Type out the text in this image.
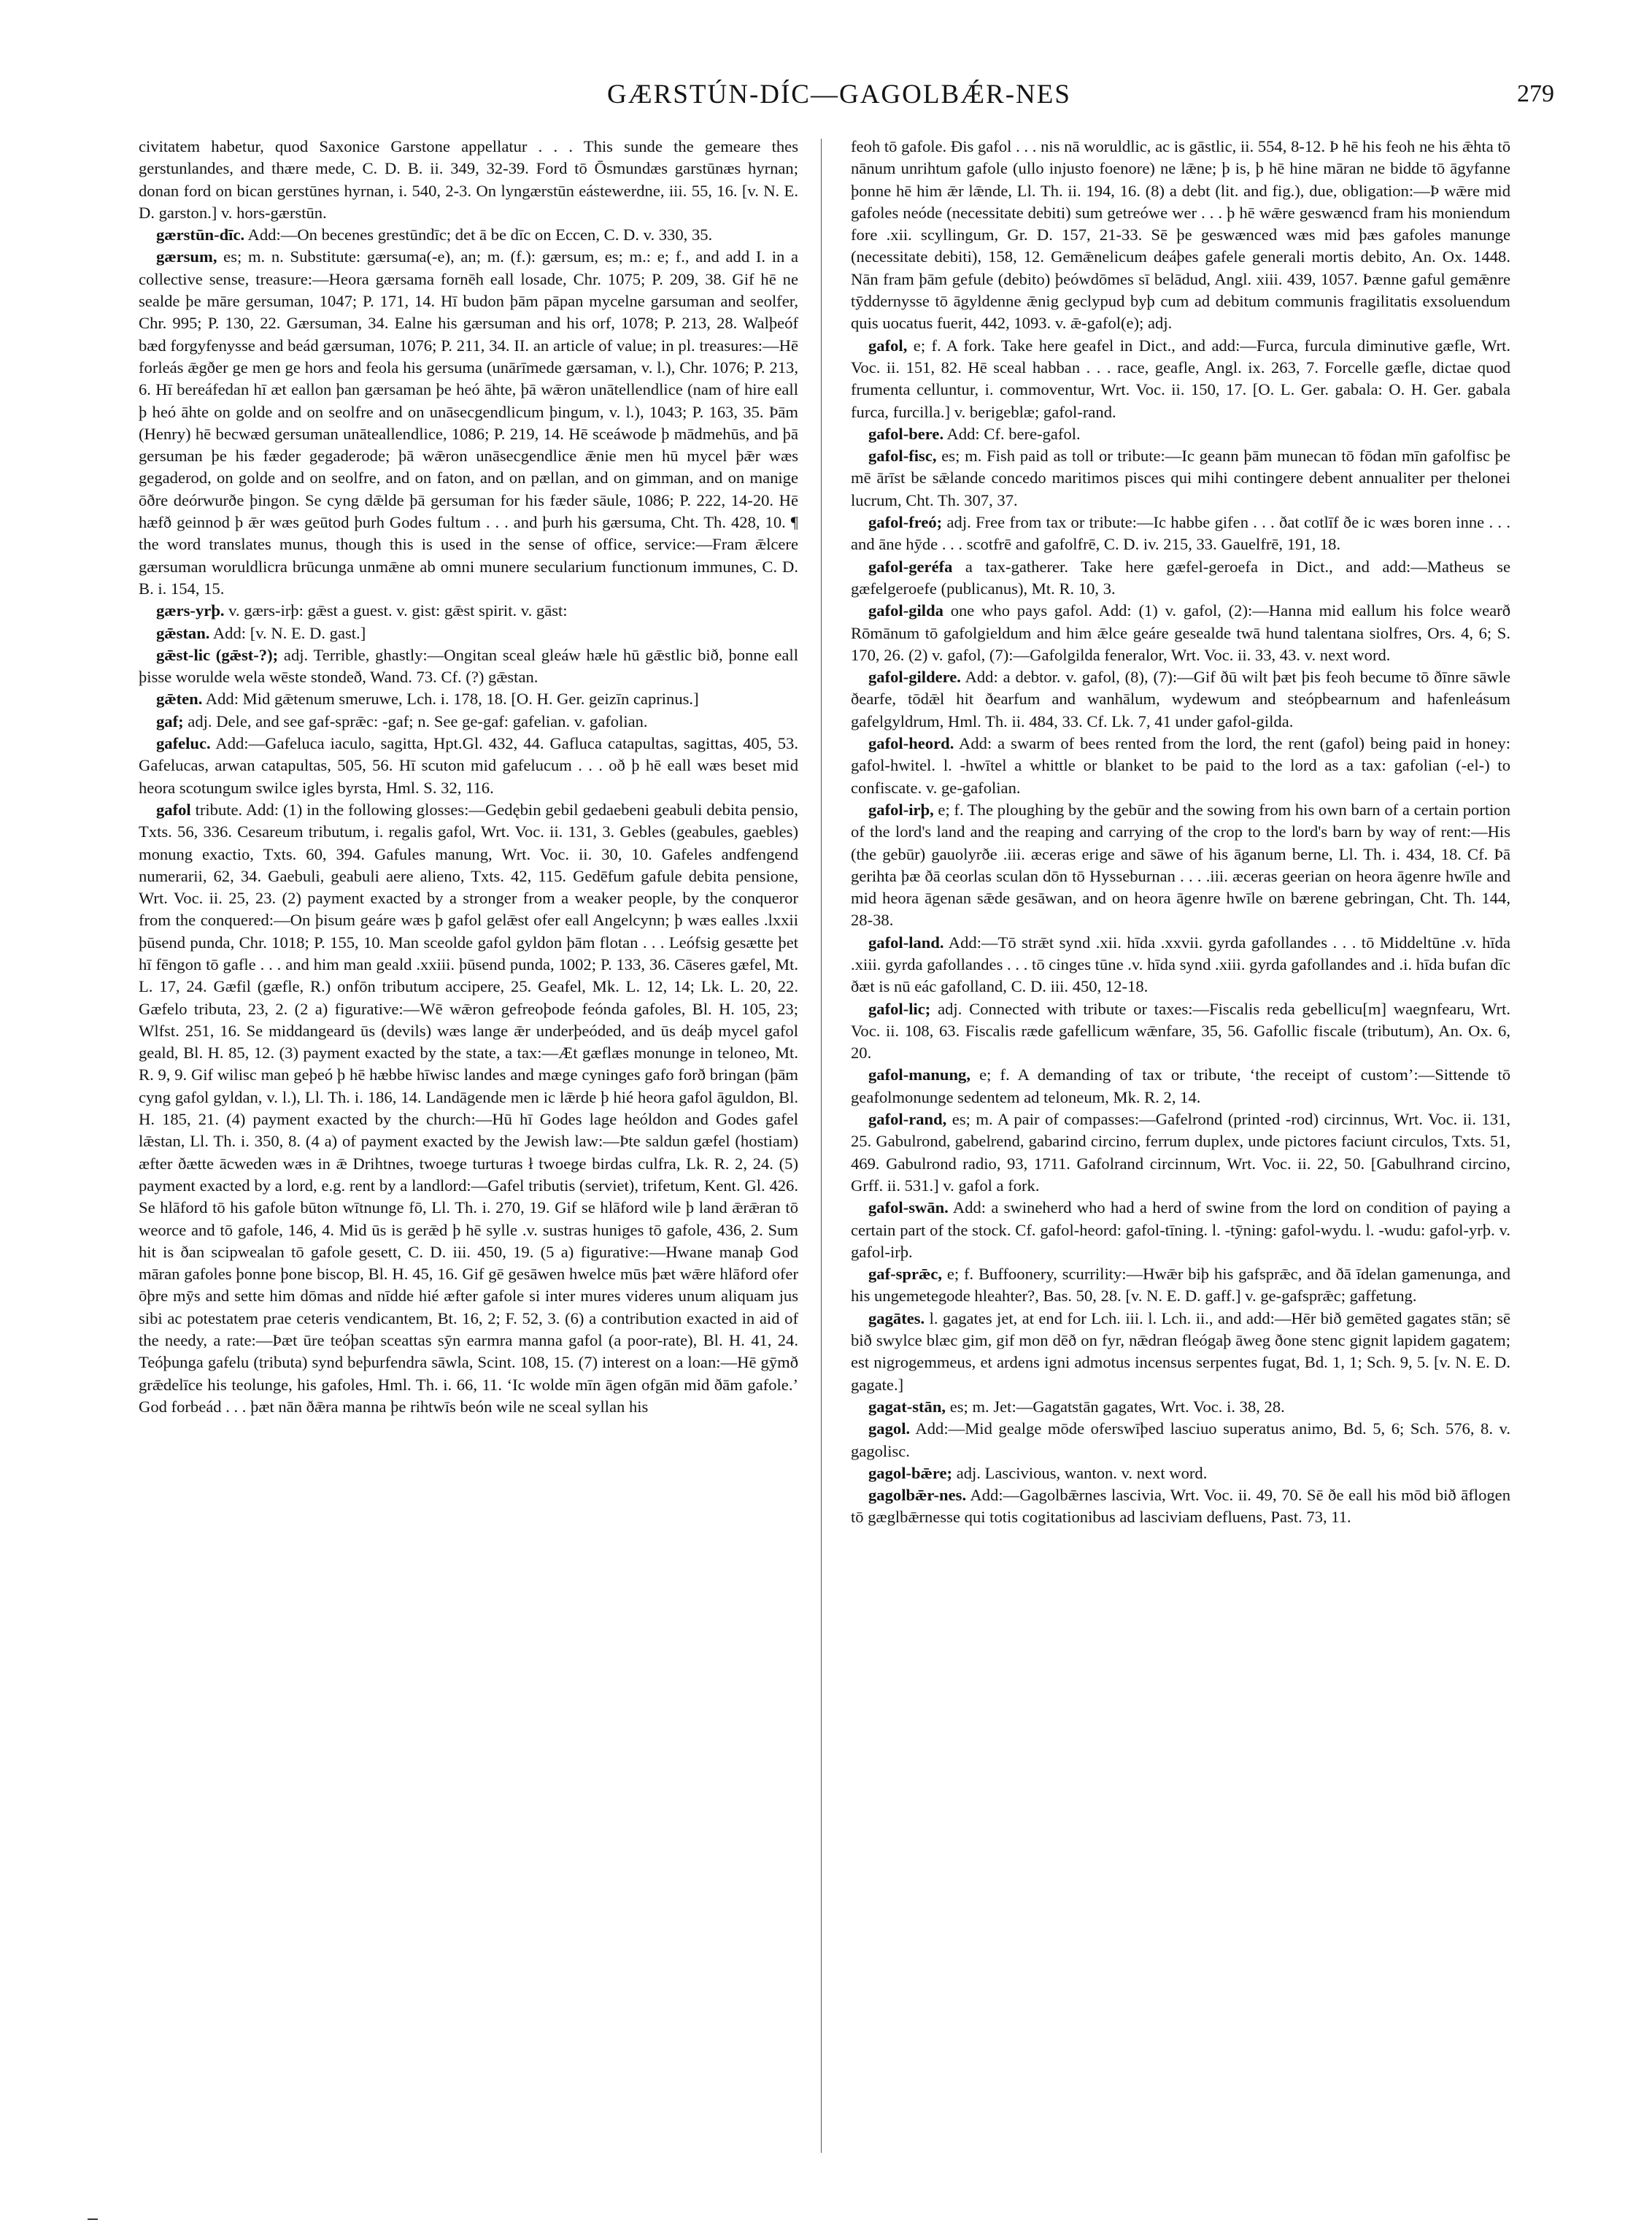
GÆRSTÚN-DÍC—GAGOLBǼR-NES	279

civitatem habetur, quod Saxonice Garstone appellatur . . . This sunde the gemeare thes gerstunlandes, and thære mede, C. D. B. ii. 349, 32-39. Ford tō Ōsmundæs garstūnæs hyrnan; donan ford on bican gerstūnes hyrnan, i. 540, 2-3. On lyngærstūn eástewerdne, iii. 55, 16. [v. N. E. D. garston.] v. hors-gærstūn.

gærstūn-dīc. Add:—On becenes grestūndīc; det ā be dīc on Eccen, C. D. v. 330, 35.

gærsum, es; m. n. Substitute: gærsuma(-e), an; m. (f.): gærsum, es; m.: e; f., and add I. in a collective sense, treasure:—Heora gærsama fornēh eall losade, Chr. 1075; P. 209, 38. Gif hē ne sealde þe māre gersuman, 1047; P. 171, 14. Hī budon þām pāpan mycelne garsuman and seolfer, Chr. 995; P. 130, 22. Gærsuman, 34. Ealne his gærsuman and his orf, 1078; P. 213, 28. Walþeóf bæd forgyfenysse and beád gærsuman, 1076; P. 211, 34. II. an article of value; in pl. treasures:—Hē forleás ǣgðer ge men ge hors and feola his gersuma (unārīmede gærsaman, v. l.), Chr. 1076; P. 213, 6. Hī bereáfedan hī æt eallon þan gærsaman þe heó āhte, þā wǣron unātellendlice (nam of hire eall þ heó āhte on golde and on seolfre and on unāsecgendlicum þingum, v. l.), 1043; P. 163, 35. Þām (Henry) hē becwæd gersuman unāteallendlice, 1086; P. 219, 14. Hē sceáwode þ mādmehūs, and þā gersuman þe his fæder gegaderode; þā wǣron unāsecgendlice ǣnie men hū mycel þǣr wæs gegaderod, on golde and on seolfre, and on faton, and on pællan, and on gimman, and on manige ōðre deórwurðe þingon. Se cyng dǣlde þā gersuman for his fæder sāule, 1086; P. 222, 14-20. Hē hæfð geinnod þ ǣr wæs geūtod þurh Godes fultum . . . and þurh his gærsuma, Cht. Th. 428, 10. ¶ the word translates munus, though this is used in the sense of office, service:—Fram ǣlcere gærsuman woruldlicra brūcunga unmǣne ab omni munere secularium functionum immunes, C. D. B. i. 154, 15.

gærs-yrþ. v. gærs-irþ: gǣst a guest. v. gist: gǣst spirit. v. gāst:

gǣstan. Add: [v. N. E. D. gast.]

gǣst-lic (gǣst-?); adj. Terrible, ghastly:—Ongitan sceal gleáw hæle hū gǣstlic bið, þonne eall þisse worulde wela wēste stondeð, Wand. 73. Cf. (?) gǣstan.

gǣten. Add: Mid gǣtenum smeruwe, Lch. i. 178, 18. [O. H. Ger. geizīn caprinus.]

gaf; adj. Dele, and see gaf-sprǣc: -gaf; n. See ge-gaf: gafelian. v. gafolian.

gafeluc. Add:—Gafeluca iaculo, sagitta, Hpt.Gl. 432, 44. Gafluca catapultas, sagittas, 405, 53. Gafelucas, arwan catapultas, 505, 56. Hī scuton mid gafelucum . . . oð þ hē eall wæs beset mid heora scotungum swilce igles byrsta, Hml. S. 32, 116.

gafol tribute. Add: (1) in the following glosses:—Gedębin gebil gedaebeni geabuli debita pensio, Txts. 56, 336. Cesareum tributum, i. regalis gafol, Wrt. Voc. ii. 131, 3. Gebles (geabules, gaebles) monung exactio, Txts. 60, 394. Gafules manung, Wrt. Voc. ii. 30, 10. Gafeles andfengend numerarii, 62, 34. Gaebuli, geabuli aere alieno, Txts. 42, 115. Gedēfum gafule debita pensione, Wrt. Voc. ii. 25, 23. (2) payment exacted by a stronger from a weaker people, by the conqueror from the conquered:—On þisum geáre wæs þ gafol gelǣst ofer eall Angelcynn; þ wæs ealles .lxxii þūsend punda, Chr. 1018; P. 155, 10. Man sceolde gafol gyldon þām flotan . . . Leófsig gesætte þet hī fēngon tō gafle . . . and him man geald .xxiii. þūsend punda, 1002; P. 133, 36. Cāseres gæfel, Mt. L. 17, 24. Gæfil (gæfle, R.) onfōn tributum accipere, 25. Geafel, Mk. L. 12, 14; Lk. L. 20, 22. Gæfelo tributa, 23, 2. (2 a) figurative:—Wē wǣron gefreoþode feónda gafoles, Bl. H. 105, 23; Wlfst. 251, 16. Se middangeard ūs (devils) wæs lange ǣr underþeóded, and ūs deáþ mycel gafol geald, Bl. H. 85, 12. (3) payment exacted by the state, a tax:—Æt gæflæs monunge in teloneo, Mt. R. 9, 9. Gif wilisc man geþeó þ hē hæbbe hīwisc landes and mæge cyninges gafo forð bringan (þām cyng gafol gyldan, v. l.), Ll. Th. i. 186, 14. Landāgende men ic lǣrde þ hié heora gafol āguldon, Bl. H. 185, 21. (4) payment exacted by the church:—Hū hī Godes lage heóldon and Godes gafel lǣstan, Ll. Th. i. 350, 8. (4 a) of payment exacted by the Jewish law:—Þte saldun gæfel (hostiam) æfter ðætte ācweden wæs in ǣ Drihtnes, twoege turturas ł twoege birdas culfra, Lk. R. 2, 24. (5) payment exacted by a lord, e.g. rent by a landlord:—Gafel tributis (serviet), trifetum, Kent. Gl. 426. Se hlāford tō his gafole būton wītnunge fō, Ll. Th. i. 270, 19. Gif se hlāford wile þ land ǣrǣran tō weorce and tō gafole, 146, 4. Mid ūs is gerǣd þ hē sylle .v. sustras huniges tō gafole, 436, 2. Sum hit is ðan scipwealan tō gafole gesett, C. D. iii. 450, 19. (5 a) figurative:—Hwane manaþ God māran gafoles þonne þone biscop, Bl. H. 45, 16. Gif gē gesāwen hwelce mūs þæt wǣre hlāford ofer ōþre mȳs and sette him dōmas and nīdde hié æfter gafole si inter mures videres unum aliquam jus sibi ac potestatem prae ceteris vendicantem, Bt. 16, 2; F. 52, 3. (6) a contribution exacted in aid of the needy, a rate:—Þæt ūre teóþan sceattas sȳn earmra manna gafol (a poor-rate), Bl. H. 41, 24. Teóþunga gafelu (tributa) synd beþurfendra sāwla, Scint. 108, 15. (7) interest on a loan:—Hē gȳmð grǣdelīce his teolunge, his gafoles, Hml. Th. i. 66, 11. ‘Ic wolde mīn āgen ofgān mid ðām gafole.’ God forbeád . . . þæt nān ðǣra manna þe rihtwīs beón wile ne sceal syllan his

feoh tō gafole. Ðis gafol . . . nis nā woruldlic, ac is gāstlic, ii. 554, 8-12. Þ hē his feoh ne his ǣhta tō nānum unrihtum gafole (ullo injusto foenore) ne lǣne; þ is, þ hē hine māran ne bidde tō āgyfanne þonne hē him ǣr lǣnde, Ll. Th. ii. 194, 16. (8) a debt (lit. and fig.), due, obligation:—Þ wǣre mid gafoles neóde (necessitate debiti) sum getreówe wer . . . þ hē wǣre gesw⁠æncd fram his moniendum fore .xii. scyllingum, Gr. D. 157, 21-33. Sē þe geswænced wæs mid þæs gafoles manunge (necessitate debiti), 158, 12. Gemǣnelicum deáþes gafele generali mortis debito, An. Ox. 1448. Nān fram þām gefule (debito) þeówdōmes sī belādud, Angl. xiii. 439, 1057. Þænne gaful gemǣnre tȳddernysse tō āgyldenne ǣnig geclypud byþ cum ad debitum communis fragilitatis exsoluendum quis uocatus fuerit, 442, 1093. v. ǣ-gafol(e); adj.

gafol, e; f. A fork. Take here geafel in Dict., and add:—Furca, furcula diminutive gæfle, Wrt. Voc. ii. 151, 82. Hē sceal habban . . . race, geafle, Angl. ix. 263, 7. Forcelle gæfle, dictae quod frumenta celluntur, i. commoventur, Wrt. Voc. ii. 150, 17. [O. L. Ger. gabala: O. H. Ger. gabala furca, furcilla.] v. berigeblæ; gafol-rand.

gafol-bere. Add: Cf. bere-gafol.

gafol-fisc, es; m. Fish paid as toll or tribute:—Ic geann þām munecan tō fōdan mīn gafolfisc þe mē ārīst be sǣlande concedo maritimos pisces qui mihi contingere debent annualiter per thelonei lucrum, Cht. Th. 307, 37.

gafol-freó; adj. Free from tax or tribute:—Ic habbe gifen . . . ðat cotlīf ðe ic wæs boren inne . . . and āne hȳde . . . scotfrē and gafolfrē, C. D. iv. 215, 33. Gauelfrē, 191, 18.

gafol-geréfa a tax-gatherer. Take here gæfel-geroefa in Dict., and add:—Matheus se gæfelgeroefe (publicanus), Mt. R. 10, 3.

gafol-gilda one who pays gafol. Add: (1) v. gafol, (2):—Hanna mid eallum his folce wearð Rōmānum tō gafolgieldum and him ǣlce geáre gesealde twā hund talentana siolfres, Ors. 4, 6; S. 170, 26. (2) v. gafol, (7):—Gafolgilda feneralor, Wrt. Voc. ii. 33, 43. v. next word.

gafol-gildere. Add: a debtor. v. gafol, (8), (7):—Gif ðū wilt þæt þis feoh becume tō ðīnre sāwle ðearfe, tōdǣl hit ðearfum and wanhālum, wydewum and steópbearnum and hafenleásum gafelgyldrum, Hml. Th. ii. 484, 33. Cf. Lk. 7, 41 under gafol-gilda.

gafol-heord. Add: a swarm of bees rented from the lord, the rent (gafol) being paid in honey: gafol-hwitel. l. -hwītel a whittle or blanket to be paid to the lord as a tax: gafolian (-el-) to confiscate. v. ge-gafolian.

gafol-irþ, e; f. The ploughing by the gebūr and the sowing from his own barn of a certain portion of the lord's land and the reaping and carrying of the crop to the lord's barn by way of rent:—His (the gebūr) gauolyrðe .iii. æceras erige and sāwe of his āganum berne, Ll. Th. i. 434, 18. Cf. Þā gerihta þæ ðā ceorlas sculan dōn tō Hysseburnan . . . .iii. æceras geerian on heora āgenre hwīle and mid heora āgenan sǣde gesāwan, and on heora āgenre hwīle on bærene gebringan, Cht. Th. 144, 28-38.

gafol-land. Add:—Tō strǣt synd .xii. hīda .xxvii. gyrda gafollandes . . . tō Middeltūne .v. hīda .xiii. gyrda gafollandes . . . tō cinges tūne .v. hīda synd .xiii. gyrda gafollandes and .i. hīda bufan dīc ðæt is nū eác gafolland, C. D. iii. 450, 12-18.

gafol-lic; adj. Connected with tribute or taxes:—Fiscalis reda gebellicu[m] waegnfearu, Wrt. Voc. ii. 108, 63. Fiscalis ræde gafellicum wǣnfare, 35, 56. Gafollic fiscale (tributum), An. Ox. 6, 20.

gafol-manung, e; f. A demanding of tax or tribute, ‘the receipt of custom’:—Sittende tō geafolmonunge sedentem ad teloneum, Mk. R. 2, 14.

gafol-rand, es; m. A pair of compasses:—Gafelrond (printed -rod) circinnus, Wrt. Voc. ii. 131, 25. Gabulrond, gabelrend, gabarind circino, ferrum duplex, unde pictores faciunt circulos, Txts. 51, 469. Gabulrond radio, 93, 1711. Gafolrand circinnum, Wrt. Voc. ii. 22, 50. [Gabulhrand circino, Grff. ii. 531.] v. gafol a fork.

gafol-swān. Add: a swineherd who had a herd of swine from the lord on condition of paying a certain part of the stock. Cf. gafol-heord: gafol-tīning. l. -tȳning: gafol-wydu. l. -wudu: gafol-yrþ. v. gafol-irþ.

gaf-sprǣc, e; f. Buffoonery, scurrility:—Hwǣr biþ his gafsprǣc, and ðā īdelan gamenunga, and his ungemetegode hleahter?, Bas. 50, 28. [v. N. E. D. gaff.] v. ge-gafsprǣc; gaffetung.

gagātes. l. gagates jet, at end for Lch. iii. l. Lch. ii., and add:—Hēr bið gemēted gagates stān; sē bið swylce blæc gim, gif mon dēð on fyr, nǣdran fleógaþ āweg ðone stenc gignit lapidem gagatem; est nigrogemmeus, et ardens igni admotus incensus serpentes fugat, Bd. 1, 1; Sch. 9, 5. [v. N. E. D. gagate.]

gagat-stān, es; m. Jet:—Gagatstān gagates, Wrt. Voc. i. 38, 28.

gagol. Add:—Mid gealge mōde oferswīþed lasciuo superatus animo, Bd. 5, 6; Sch. 576, 8. v. gagolisc.

gagol-bǣre; adj. Lascivious, wanton. v. next word.

gagolbǣr-nes. Add:—Gagolbǣrnes lascivia, Wrt. Voc. ii. 49, 70. Sē ðe eall his mōd bið āflogen tō gæglbǣrnesse qui totis cogitationibus ad lasciviam defluens, Past. 73, 11.
